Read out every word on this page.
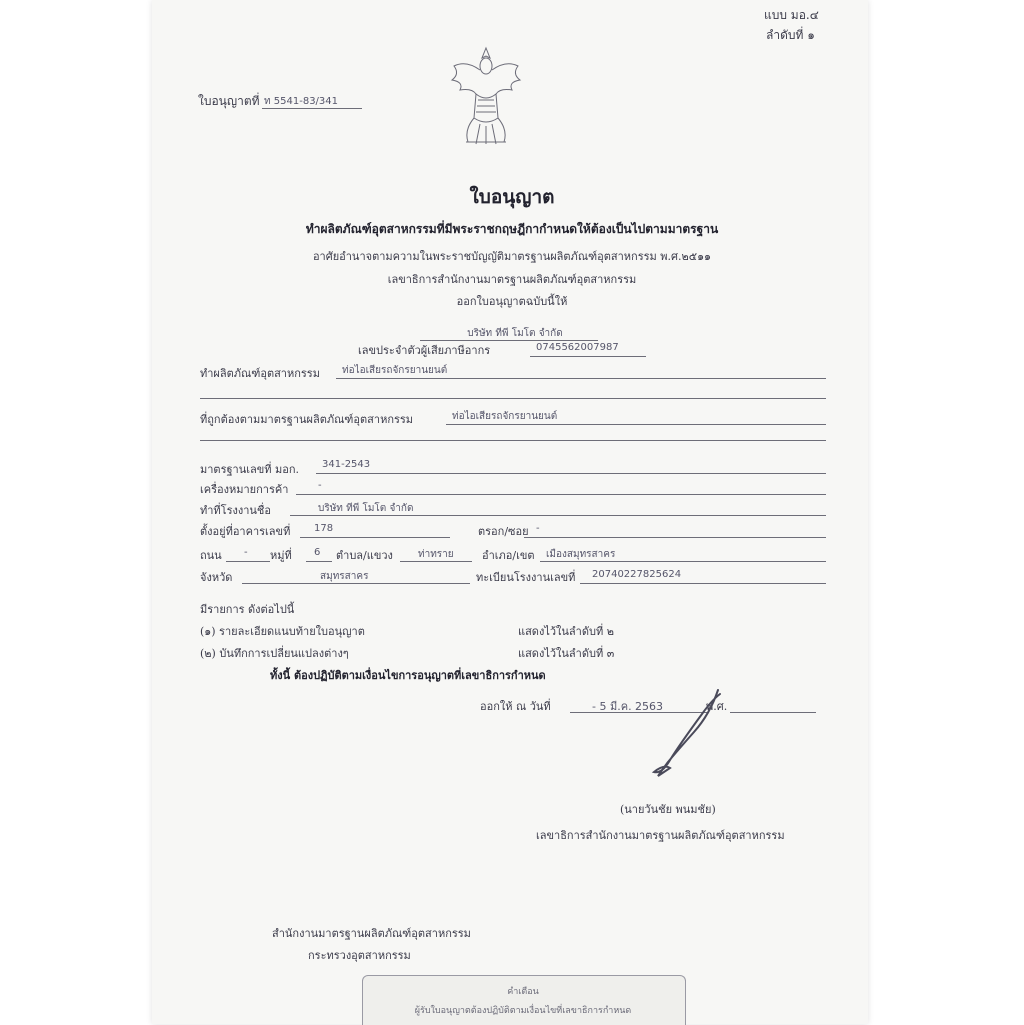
แบบ มอ.๔
ลำดับที่ ๑
ใบอนุญาตที่ ท 5541-83/341
ใบอนุญาต
ทำผลิตภัณฑ์อุตสาหกรรมที่มีพระราชกฤษฎีกากำหนดให้ต้องเป็นไปตามมาตรฐาน
อาศัยอำนาจตามความในพระราชบัญญัติมาตรฐานผลิตภัณฑ์อุตสาหกรรม พ.ศ.๒๕๑๑
เลขาธิการสำนักงานมาตรฐานผลิตภัณฑ์อุตสาหกรรม
ออกใบอนุญาตฉบับนี้ให้
บริษัท ทีพี โมโต จำกัด
เลขประจำตัวผู้เสียภาษีอากร	0745562007987
ทำผลิตภัณฑ์อุตสาหกรรม ท่อไอเสียรถจักรยานยนต์
ที่ถูกต้องตามมาตรฐานผลิตภัณฑ์อุตสาหกรรม	ท่อไอเสียรถจักรยานยนต์
มาตรฐานเลขที่ มอก. 341-2543
เครื่องหมายการค้า	-
ทำที่โรงงานชื่อ	บริษัท ทีพี โมโต จำกัด
ตั้งอยู่ที่อาคารเลขที่ 178	ตรอก/ซอย -
ถนน - หมู่ที่ 6 ตำบล/แขวง	ท่าทราย	อำเภอ/เขต เมืองสมุทรสาคร
จังหวัด	สมุทรสาคร	ทะเบียนโรงงานเลขที่ 20740227825624
มีรายการ ดังต่อไปนี้
(๑) รายละเอียดแนบท้ายใบอนุญาต	แสดงไว้ในลำดับที่ ๒
(๒) บันทึกการเปลี่ยนแปลงต่างๆ	แสดงไว้ในลำดับที่ ๓
ทั้งนี้ ต้องปฏิบัติตามเงื่อนไขการอนุญาตที่เลขาธิการกำหนด
ออกให้ ณ วันที่	- 5 มี.ค. 2563	พ.ศ.
(นายวันชัย พนมชัย)
เลขาธิการสำนักงานมาตรฐานผลิตภัณฑ์อุตสาหกรรม
สำนักงานมาตรฐานผลิตภัณฑ์อุตสาหกรรม
กระทรวงอุตสาหกรรม
คำเตือน
ผู้รับใบอนุญาตต้องปฏิบัติตามเงื่อนไขที่เลขาธิการกำหนด
